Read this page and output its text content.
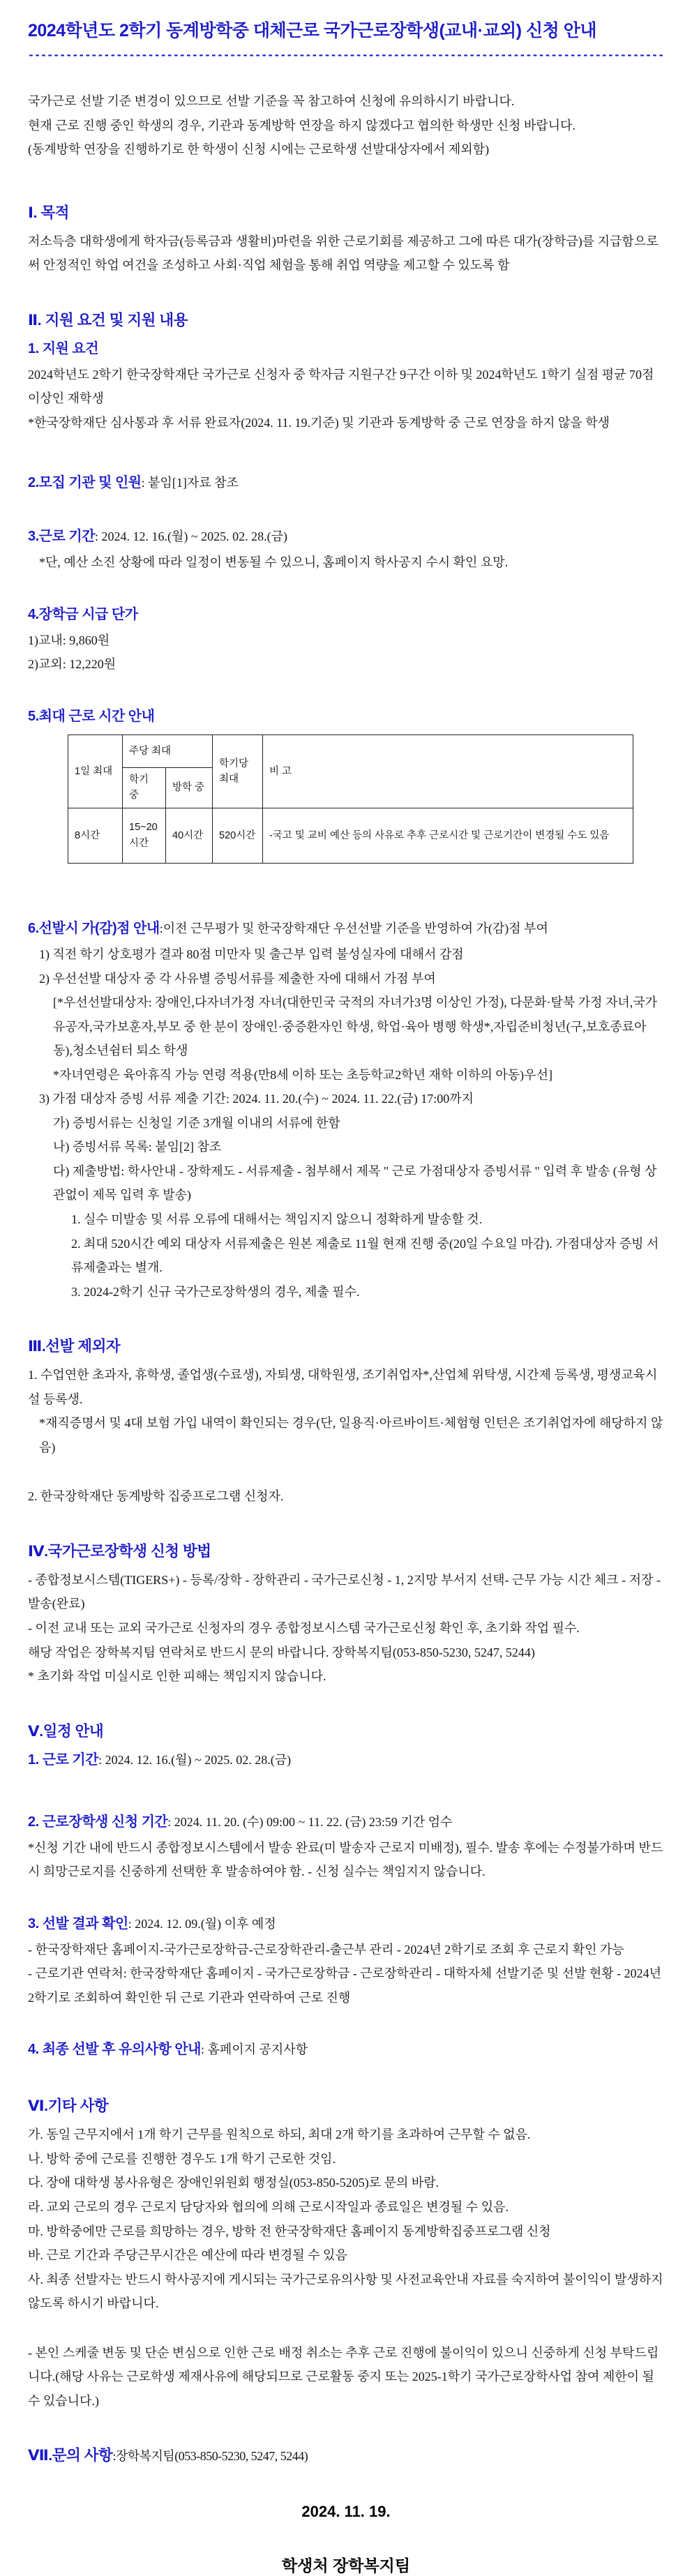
2024학년도 2학기 동계방학중 대체근로 국가근로장학생(교내·교외) 신청 안내
-----------------------------------------------------------------------------------------------------
국가근로 선발 기준 변경이 있으므로 선발 기준을 꼭 참고하여 신청에 유의하시기 바랍니다.
현재 근로 진행 중인 학생의 경우, 기관과 동계방학 연장을 하지 않겠다고 협의한 학생만 신청 바랍니다.
(동계방학 연장을 진행하기로 한 학생이 신청 시에는 근로학생 선발대상자에서 제외함)
Ⅰ. 목적
저소득층 대학생에게 학자금(등록금과 생활비)마련을 위한 근로기회를 제공하고 그에 따른 대가(장학금)를 지급함으로써 안정적인 학업 여건을 조성하고 사회·직업 체험을 통해 취업 역량을 제고할 수 있도록 함
Ⅱ. 지원 요건 및 지원 내용
1. 지원 요건
2024학년도 2학기 한국장학재단 국가근로 신청자 중 학자금 지원구간 9구간 이하 및 2024학년도 1학기 실점 평균 70점 이상인 재학생
*한국장학재단 심사통과 후 서류 완료자(2024. 11. 19.기준) 및 기관과 동계방학 중 근로 연장을 하지 않을 학생
2.모집 기관 및 인원: 붙임[1]자료 참조
3.근로 기간: 2024. 12. 16.(월) ~ 2025. 02. 28.(금)
*단, 예산 소진 상황에 따라 일정이 변동될 수 있으니, 홈페이지 학사공지 수시 확인 요망.
4.장학금 시급 단가
1)교내: 9,860원
2)교외: 12,220원
5.최대 근로 시간 안내
1일 최대	주당 최대		학기당 최대	비 고
	학기 중	방학 중		
8시간	15~20시간	40시간	520시간	-국고 및 교비 예산 등의 사유로 추후 근로시간 및 근로기간이 변경될 수도 있음
6.선발시 가(감)점 안내:이전 근무평가 및 한국장학재단 우선선발 기준을 반영하여 가(감)점 부여
1) 직전 학기 상호평가 결과 80점 미만자 및 출근부 입력 불성실자에 대해서 감점
2) 우선선발 대상자 중 각 사유별 증빙서류를 제출한 자에 대해서 가점 부여
[*우선선발대상자: 장애인,다자녀가정 자녀(대한민국 국적의 자녀가3명 이상인 가정), 다문화·탈북 가정 자녀,국가유공자,국가보훈자,부모 중 한 분이 장애인·중증환자인 학생, 학업·육아 병행 학생*,자립준비청년(구,보호종료아동),청소년쉼터 퇴소 학생
*자녀연령은 육아휴직 가능 연령 적용(만8세 이하 또는 초등학교2학년 재학 이하의 아동)우선]
3) 가점 대상자 증빙 서류 제출 기간: 2024. 11. 20.(수) ~ 2024. 11. 22.(금) 17:00까지
가) 증빙서류는 신청일 기준 3개월 이내의 서류에 한함
나) 증빙서류 목록: 붙임[2] 참조
다) 제출방법: 학사안내 - 장학제도 - 서류제출 - 첨부해서 제목 " 근로 가점대상자 증빙서류 " 입력 후 발송 (유형 상관없이 제목 입력 후 발송)
1. 실수 미발송 및 서류 오류에 대해서는 책임지지 않으니 정확하게 발송할 것.
2. 최대 520시간 예외 대상자 서류제출은 원본 제출로 11월 현재 진행 중(20일 수요일 마감). 가점대상자 증빙 서류제출과는 별개.
3. 2024-2학기 신규 국가근로장학생의 경우, 제출 필수.
Ⅲ.선발 제외자
1. 수업연한 초과자, 휴학생, 졸업생(수료생), 자퇴생, 대학원생, 조기취업자*,산업체 위탁생, 시간제 등록생, 평생교육시설 등록생.
*재직증명서 및 4대 보험 가입 내역이 확인되는 경우(단, 일용직·아르바이트·체험형 인턴은 조기취업자에 해당하지 않음)
2. 한국장학재단 동계방학 집중프로그램 신청자.
Ⅳ.국가근로장학생 신청 방법
- 종합정보시스템(TIGERS+) - 등록/장학 - 장학관리 - 국가근로신청 - 1, 2지망 부서지 선택- 근무 가능 시간 체크 - 저장 - 발송(완료)
- 이전 교내 또는 교외 국가근로 신청자의 경우 종합정보시스템 국가근로신청 확인 후, 초기화 작업 필수.
해당 작업은 장학복지팀 연락처로 반드시 문의 바랍니다. 장학복지팀(053-850-5230, 5247, 5244)
* 초기화 작업 미실시로 인한 피해는 책임지지 않습니다.
Ⅴ.일정 안내
1. 근로 기간: 2024. 12. 16.(월) ~ 2025. 02. 28.(금)
2. 근로장학생 신청 기간: 2024. 11. 20. (수) 09:00 ~ 11. 22. (금) 23:59 기간 엄수
*신청 기간 내에 반드시 종합정보시스템에서 발송 완료(미 발송자 근로지 미배정), 필수. 발송 후에는 수정불가하며 반드시 희망근로지를 신중하게 선택한 후 발송하여야 함. - 신청 실수는 책임지지 않습니다.
3. 선발 결과 확인: 2024. 12. 09.(월) 이후 예정
- 한국장학재단 홈페이지-국가근로장학금-근로장학관리-출근부 관리 - 2024년 2학기로 조회 후 근로지 확인 가능
- 근로기관 연락처: 한국장학재단 홈페이지 - 국가근로장학금 - 근로장학관리 - 대학자체 선발기준 및 선발 현황 - 2024년 2학기로 조회하여 확인한 뒤 근로 기관과 연락하여 근로 진행
4. 최종 선발 후 유의사항 안내: 홈페이지 공지사항
Ⅵ.기타 사항
가. 동일 근무지에서 1개 학기 근무를 원칙으로 하되, 최대 2개 학기를 초과하여 근무할 수 없음.
나. 방학 중에 근로를 진행한 경우도 1개 학기 근로한 것임.
다. 장애 대학생 봉사유형은 장애인위원회 행정실(053-850-5205)로 문의 바람.
라. 교외 근로의 경우 근로지 담당자와 협의에 의해 근로시작일과 종료일은 변경될 수 있음.
마. 방학중에만 근로를 희망하는 경우, 방학 전 한국장학재단 홈페이지 동계방학집중프로그램 신청
바. 근로 기간과 주당근무시간은 예산에 따라 변경될 수 있음
사. 최종 선발자는 반드시 학사공지에 게시되는 국가근로유의사항 및 사전교육안내 자료를 숙지하여 불이익이 발생하지 않도록 하시기 바랍니다.
- 본인 스케줄 변동 및 단순 변심으로 인한 근로 배정 취소는 추후 근로 진행에 불이익이 있으니 신중하게 신청 부탁드립니다.(해당 사유는 근로학생 제재사유에 해당되므로 근로활동 중지 또는 2025-1학기 국가근로장학사업 참여 제한이 될 수 있습니다.)
Ⅶ.문의 사항:장학복지팀(053-850-5230, 5247, 5244)
2024. 11. 19.
학생처 장학복지팀
